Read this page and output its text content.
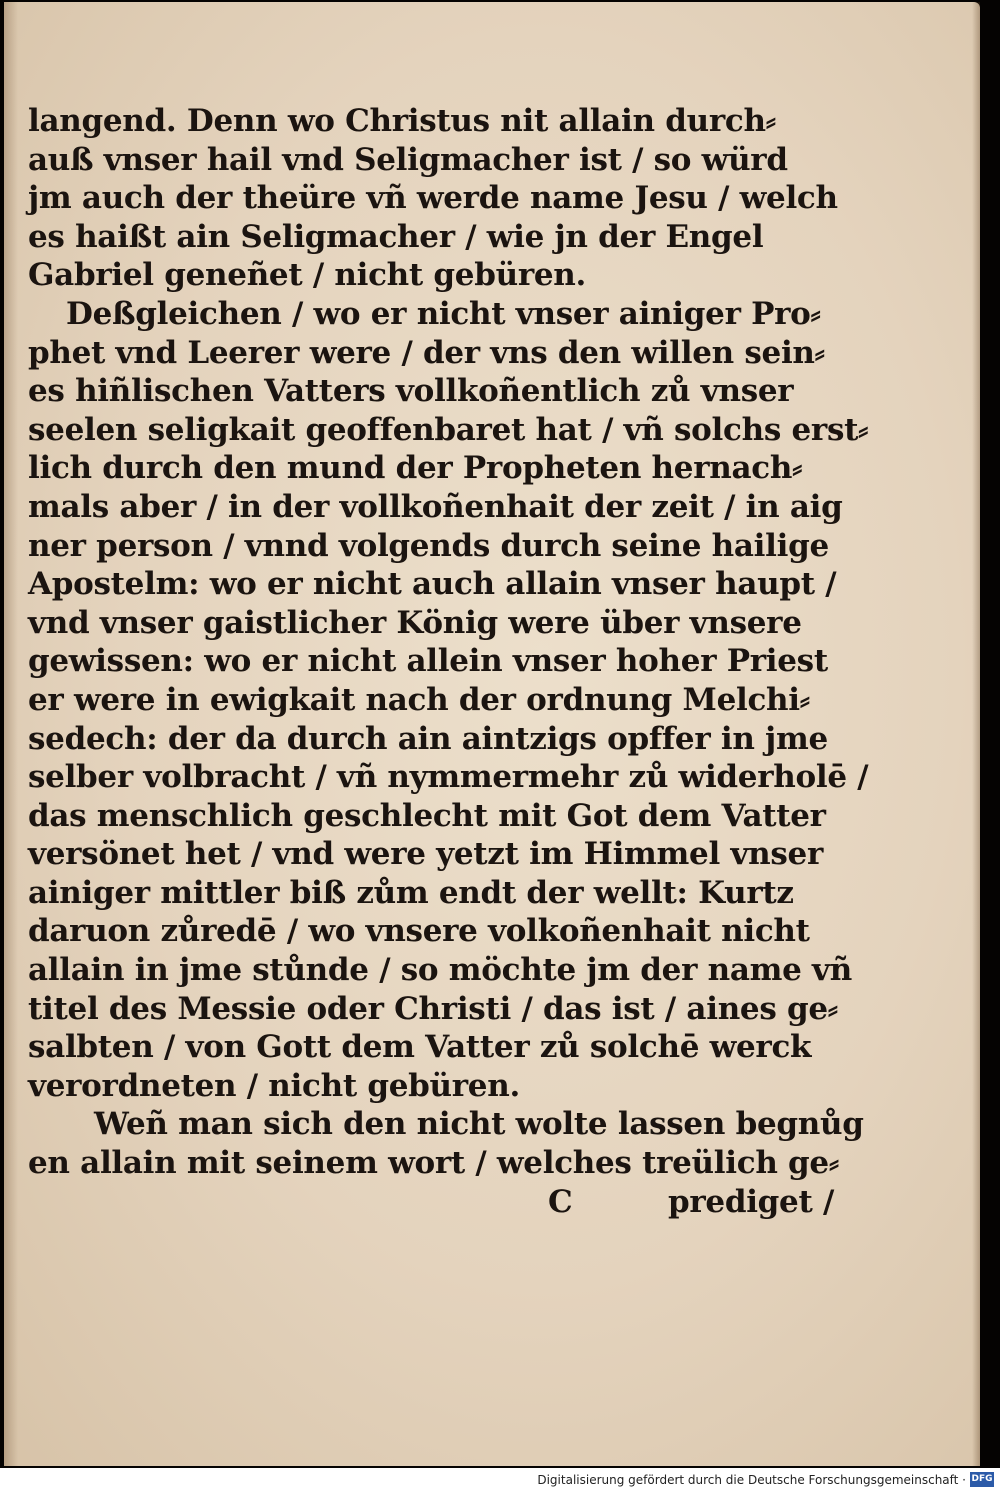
langend. Denn wo Christus nit allain durch⸗
auß vnser hail vnd Seligmacher ist / so würd
jm auch der theüre vñ werde name Jesu / welch
es haißt ain Seligmacher / wie jn der Engel
Gabriel geneñet / nicht gebüren.
Deßgleichen / wo er nicht vnser ainiger Pro⸗
phet vnd Leerer were / der vns den willen sein⸗
es hiñlischen Vatters vollkoñentlich zů vnser
seelen seligkait geoffenbaret hat / vñ solchs erst⸗
lich durch den mund der Propheten hernach⸗
mals aber / in der vollkoñenhait der zeit / in aig
ner person / vnnd volgends durch seine hailige
Apostelm: wo er nicht auch allain vnser haupt /
vnd vnser gaistlicher König were über vnsere
gewissen: wo er nicht allein vnser hoher Priest
er were in ewigkait nach der ordnung Melchi⸗
sedech: der da durch ain aintzigs opffer in jme
selber volbracht / vñ nymmermehr zů widerholē /
das menschlich geschlecht mit Got dem Vatter
versönet het / vnd were yetzt im Himmel vnser
ainiger mittler biß zům endt der wellt: Kurtz
daruon zůredē / wo vnsere volkoñenhait nicht
allain in jme stůnde / so möchte jm der name vñ
titel des Messie oder Christi / das ist / aines ge⸗
salbten / von Gott dem Vatter zů solchē werck
verordneten / nicht gebüren.
Weñ man sich den nicht wolte lassen begnůg
en allain mit seinem wort / welches treülich ge⸗
C	prediget /
Digitalisierung gefördert durch die Deutsche Forschungsgemeinschaft · DFG
